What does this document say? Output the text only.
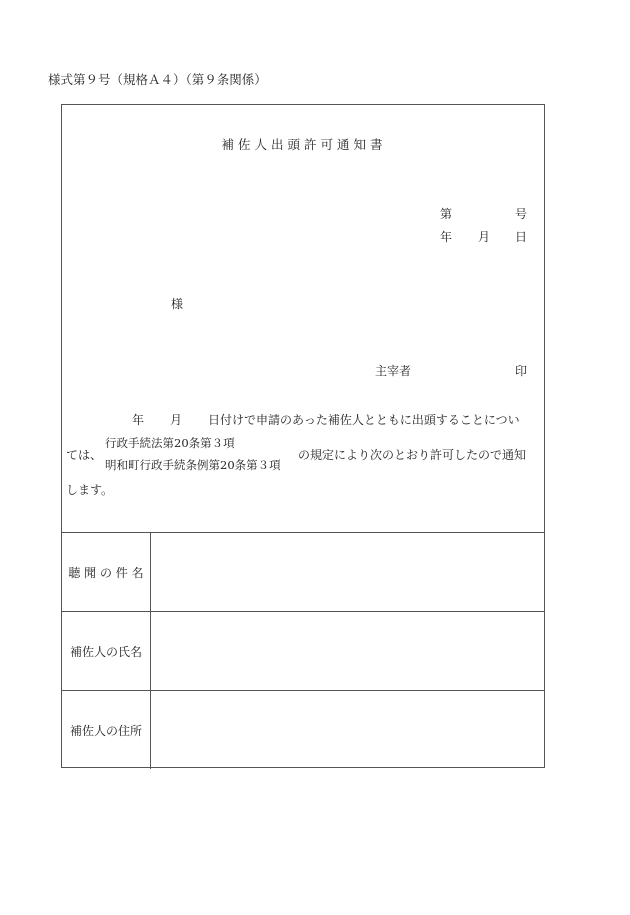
様式第９号（規格Ａ４）（第９条関係）
補佐人出頭許可通知書
第	号
年 月 日
様
主宰者	印
年 月 日付けで申請のあった補佐人とともに出頭することについ
ては、
行政手続法第20条第３項
明和町行政手続条例第20条第３項
の規定により次のとおり許可したので通知
します。
聴 聞 の 件 名
補佐人の氏名
補佐人の住所
